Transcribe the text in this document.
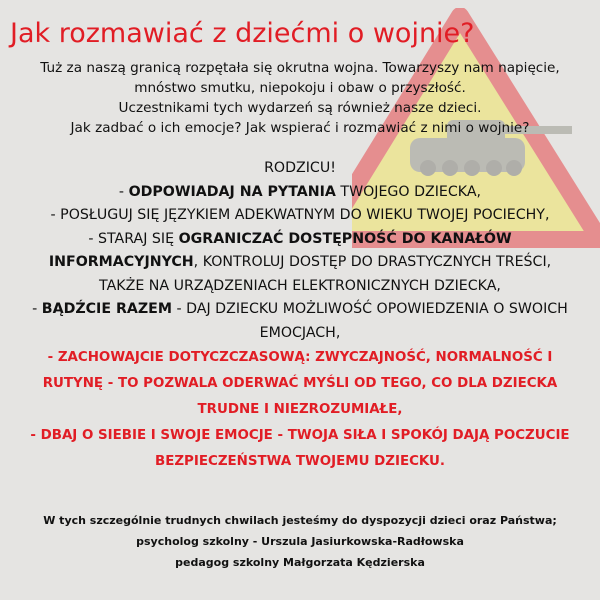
Jak rozmawiać z dziećmi o wojnie?
Tuż za naszą granicą rozpętała się okrutna wojna. Towarzyszy nam napięcie,
mnóstwo smutku, niepokoju i obaw o przyszłość.
Uczestnikami tych wydarzeń są również nasze dzieci.
Jak zadbać o ich emocje? Jak wspierać i rozmawiać z nimi o wojnie?
RODZICU!
- ODPOWIADAJ NA PYTANIA TWOJEGO DZIECKA,
- POSŁUGUJ SIĘ JĘZYKIEM ADEKWATNYM DO WIEKU TWOJEJ POCIECHY,
- STARAJ SIĘ OGRANICZAĆ DOSTĘPNOŚĆ DO KANAŁÓW
INFORMACYJNYCH, KONTROLUJ DOSTĘP DO DRASTYCZNYCH TREŚCI,
TAKŻE NA URZĄDZENIACH ELEKTRONICZNYCH DZIECKA,
- BĄDŹCIE RAZEM - DAJ DZIECKU MOŻLIWOŚĆ OPOWIEDZENIA O SWOICH
EMOCJACH,
- ZACHOWAJCIE DOTYCZCZASOWĄ: ZWYCZAJNOŚĆ, NORMALNOŚĆ I
RUTYNĘ - TO POZWALA ODERWAĆ MYŚLI OD TEGO, CO DLA DZIECKA
TRUDNE I NIEZROZUMIAŁE,
- DBAJ O SIEBIE I SWOJE EMOCJE - TWOJA SIŁA I SPOKÓJ DAJĄ POCZUCIE
BEZPIECZEŃSTWA TWOJEMU DZIECKU.
W tych szczególnie trudnych chwilach jesteśmy do dyspozycji dzieci oraz Państwa;
psycholog szkolny - Urszula Jasiurkowska-Radłowska
pedagog szkolny Małgorzata Kędzierska
